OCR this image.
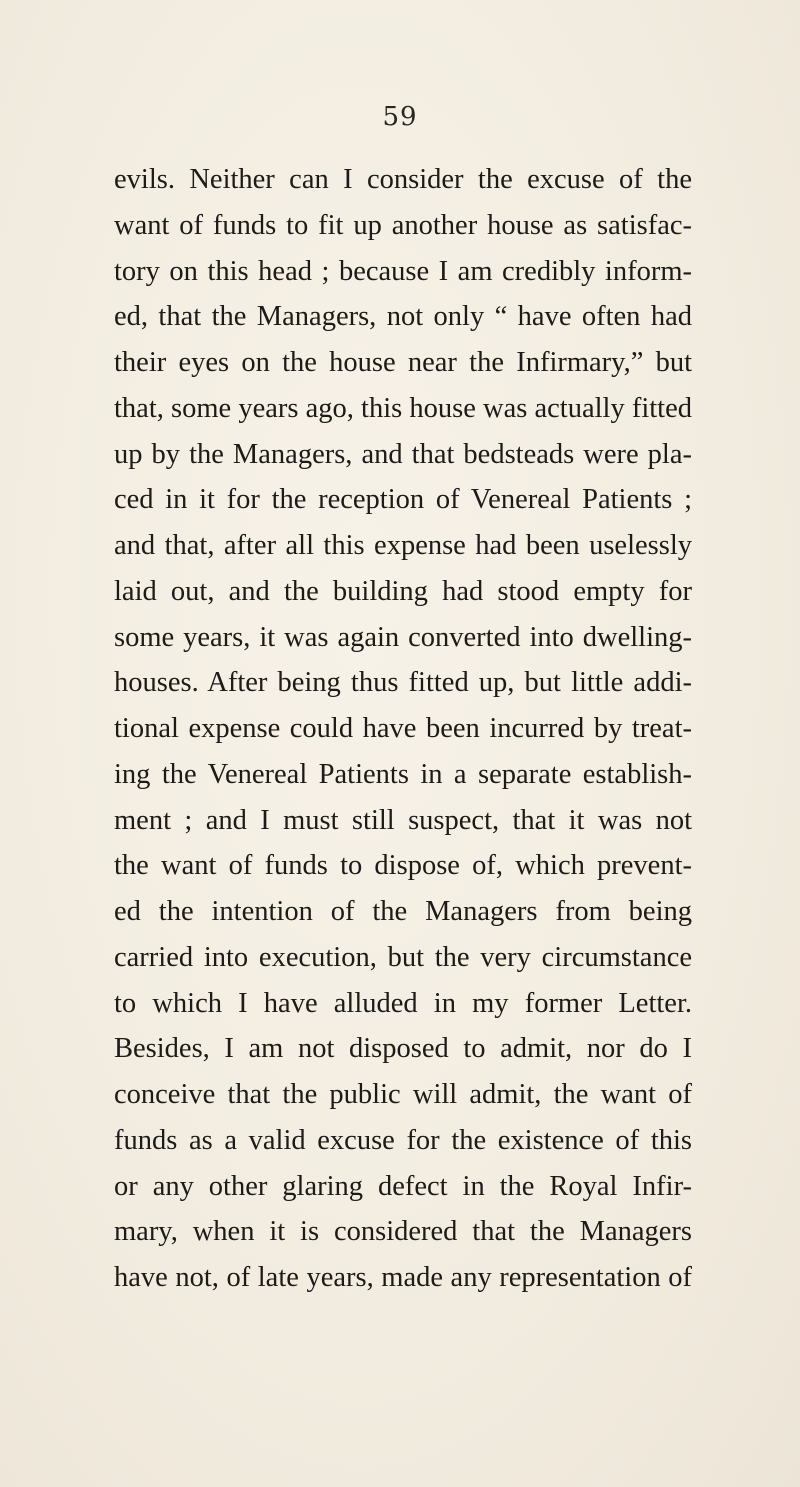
59
evils. Neither can I consider the excuse of the
want of funds to fit up another house as satisfac-
tory on this head ; because I am credibly inform-
ed, that the Managers, not only “ have often had
their eyes on the house near the Infirmary,” but
that, some years ago, this house was actually fitted
up by the Managers, and that bedsteads were pla-
ced in it for the reception of Venereal Patients ;
and that, after all this expense had been uselessly
laid out, and the building had stood empty for
some years, it was again converted into dwelling-
houses. After being thus fitted up, but little addi-
tional expense could have been incurred by treat-
ing the Venereal Patients in a separate establish-
ment ; and I must still suspect, that it was not
the want of funds to dispose of, which prevent-
ed the intention of the Managers from being
carried into execution, but the very circumstance
to which I have alluded in my former Letter.
Besides, I am not disposed to admit, nor do I
conceive that the public will admit, the want of
funds as a valid excuse for the existence of this
or any other glaring defect in the Royal Infir-
mary, when it is considered that the Managers
have not, of late years, made any representation of
